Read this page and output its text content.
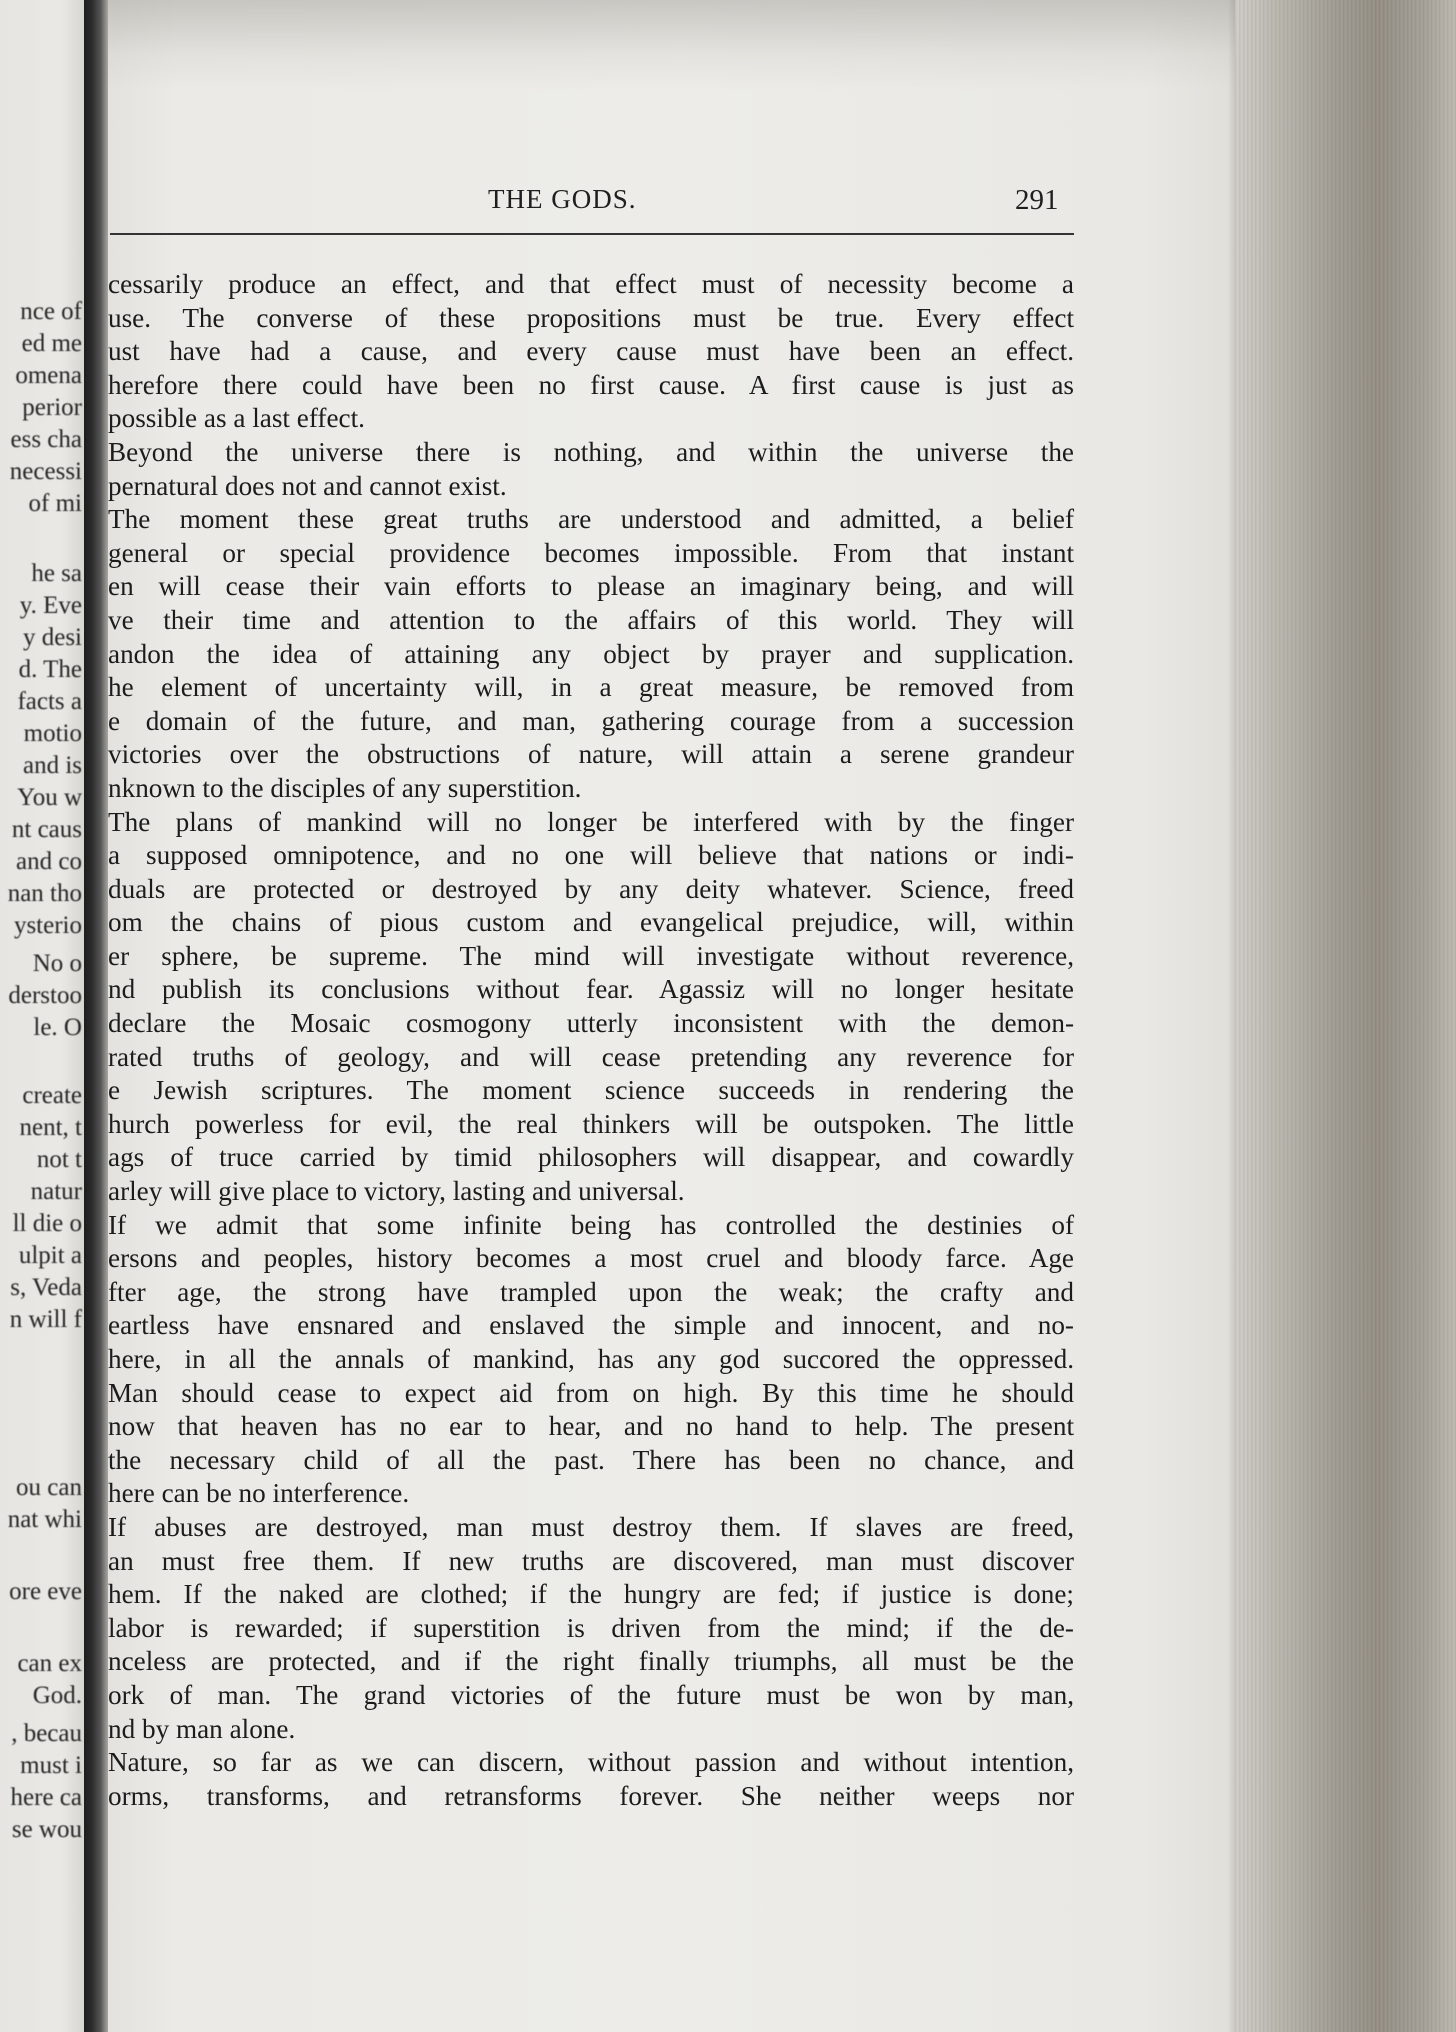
nce of
ed me
omena
perior
ess cha
necessi
of mi
he sa
y. Eve
y desi
d. The
facts a
motio
and is
You w
nt caus
and co
nan tho
ysterio
No o
derstoo
le. O
create
nent, t
not t
natur
ll die o
ulpit a
s, Veda
n will f
ou can
nat whi
ore eve
can ex
God.
, becau
must i
here ca
se wou
THE GODS.	291
cessarily produce an effect, and that effect must of necessity become a
use. The converse of these propositions must be true. Every effect
ust have had a cause, and every cause must have been an effect.
herefore there could have been no first cause. A first cause is just as
possible as a last effect.
Beyond the universe there is nothing, and within the universe the
pernatural does not and cannot exist.
The moment these great truths are understood and admitted, a belief
general or special providence becomes impossible. From that instant
en will cease their vain efforts to please an imaginary being, and will
ve their time and attention to the affairs of this world. They will
andon the idea of attaining any object by prayer and supplication.
he element of uncertainty will, in a great measure, be removed from
e domain of the future, and man, gathering courage from a succession
victories over the obstructions of nature, will attain a serene grandeur
nknown to the disciples of any superstition.
The plans of mankind will no longer be interfered with by the finger
a supposed omnipotence, and no one will believe that nations or indi-
duals are protected or destroyed by any deity whatever. Science, freed
om the chains of pious custom and evangelical prejudice, will, within
er sphere, be supreme. The mind will investigate without reverence,
nd publish its conclusions without fear. Agassiz will no longer hesitate
declare the Mosaic cosmogony utterly inconsistent with the demon-
rated truths of geology, and will cease pretending any reverence for
e Jewish scriptures. The moment science succeeds in rendering the
hurch powerless for evil, the real thinkers will be outspoken. The little
ags of truce carried by timid philosophers will disappear, and cowardly
arley will give place to victory, lasting and universal.
If we admit that some infinite being has controlled the destinies of
ersons and peoples, history becomes a most cruel and bloody farce. Age
fter age, the strong have trampled upon the weak; the crafty and
eartless have ensnared and enslaved the simple and innocent, and no-
here, in all the annals of mankind, has any god succored the oppressed.
Man should cease to expect aid from on high. By this time he should
now that heaven has no ear to hear, and no hand to help. The present
the necessary child of all the past. There has been no chance, and
here can be no interference.
If abuses are destroyed, man must destroy them. If slaves are freed,
an must free them. If new truths are discovered, man must discover
hem. If the naked are clothed; if the hungry are fed; if justice is done;
labor is rewarded; if superstition is driven from the mind; if the de-
nceless are protected, and if the right finally triumphs, all must be the
ork of man. The grand victories of the future must be won by man,
nd by man alone.
Nature, so far as we can discern, without passion and without intention,
orms, transforms, and retransforms forever. She neither weeps nor
